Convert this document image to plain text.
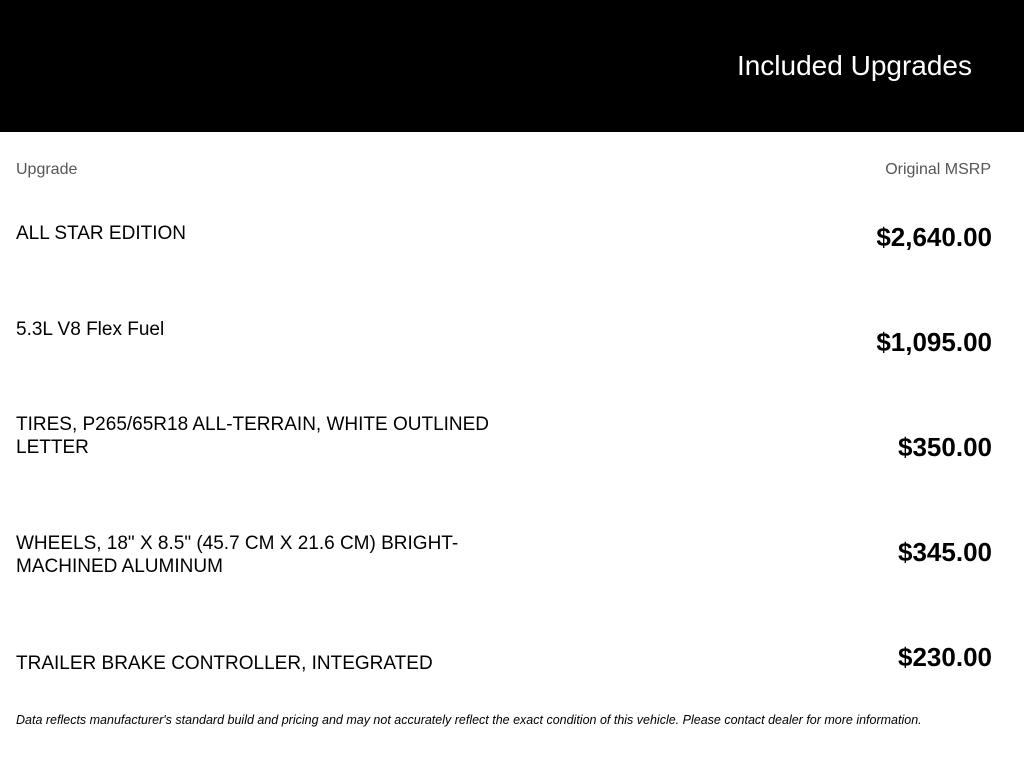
Included Upgrades
Upgrade	Original MSRP
ALL STAR EDITION	$2,640.00
5.3L V8 Flex Fuel	$1,095.00
TIRES, P265/65R18 ALL-TERRAIN, WHITE OUTLINED LETTER	$350.00
WHEELS, 18" X 8.5" (45.7 CM X 21.6 CM) BRIGHT-MACHINED ALUMINUM	$345.00
TRAILER BRAKE CONTROLLER, INTEGRATED	$230.00
Data reflects manufacturer's standard build and pricing and may not accurately reflect the exact condition of this vehicle. Please contact dealer for more information.
